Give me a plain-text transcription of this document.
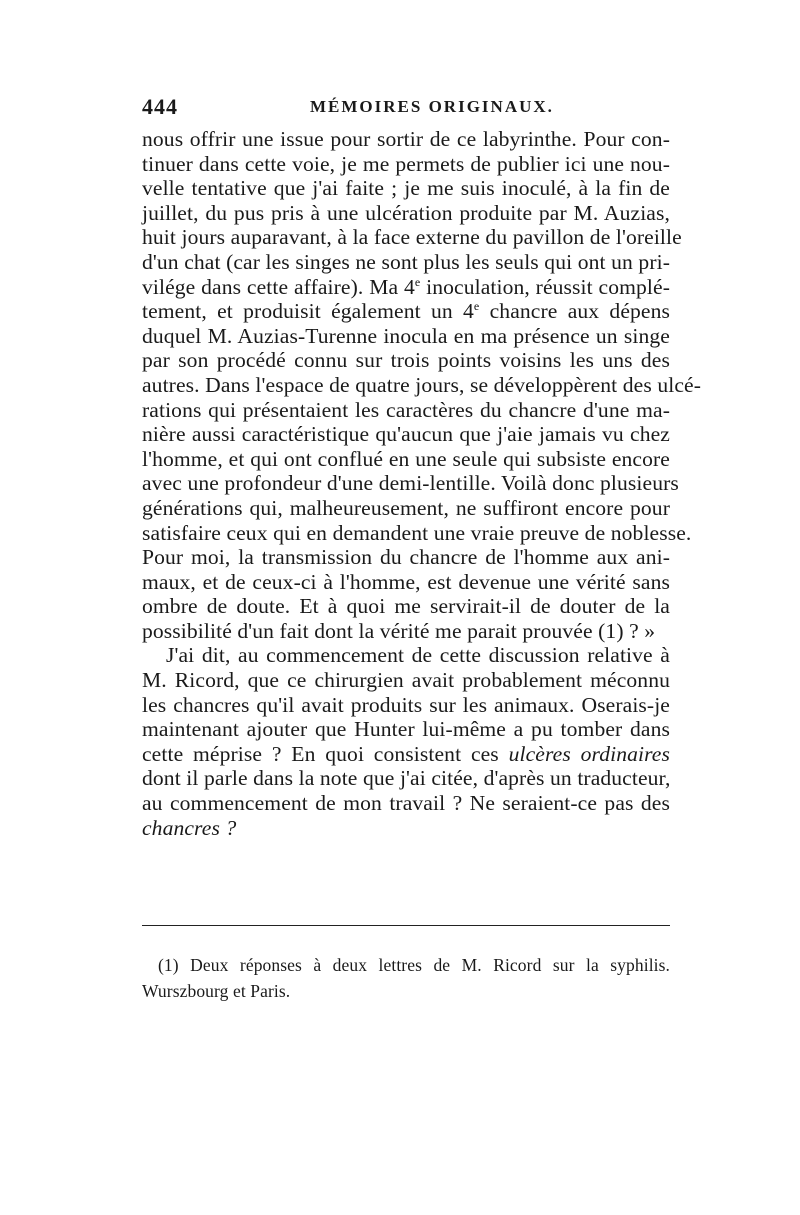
444	MÉMOIRES ORIGINAUX.
nous offrir une issue pour sortir de ce labyrinthe. Pour con-
tinuer dans cette voie, je me permets de publier ici une nou-
velle tentative que j'ai faite ; je me suis inoculé, à la fin de
juillet, du pus pris à une ulcération produite par M. Auzias,
huit jours auparavant, à la face externe du pavillon de l'oreille
d'un chat (car les singes ne sont plus les seuls qui ont un pri-
vilége dans cette affaire). Ma 4e inoculation, réussit complé-
tement, et produisit également un 4e chancre aux dépens
duquel M. Auzias-Turenne inocula en ma présence un singe
par son procédé connu sur trois points voisins les uns des
autres. Dans l'espace de quatre jours, se développèrent des ulcé-
rations qui présentaient les caractères du chancre d'une ma-
nière aussi caractéristique qu'aucun que j'aie jamais vu chez
l'homme, et qui ont conflué en une seule qui subsiste encore
avec une profondeur d'une demi-lentille. Voilà donc plusieurs
générations qui, malheureusement, ne suffiront encore pour
satisfaire ceux qui en demandent une vraie preuve de noblesse.
Pour moi, la transmission du chancre de l'homme aux ani-
maux, et de ceux-ci à l'homme, est devenue une vérité sans
ombre de doute. Et à quoi me servirait-il de douter de la
possibilité d'un fait dont la vérité me parait prouvée (1) ? »
J'ai dit, au commencement de cette discussion relative à
M. Ricord, que ce chirurgien avait probablement méconnu
les chancres qu'il avait produits sur les animaux. Oserais-je
maintenant ajouter que Hunter lui-même a pu tomber dans
cette méprise ? En quoi consistent ces ulcères ordinaires
dont il parle dans la note que j'ai citée, d'après un traducteur,
au commencement de mon travail ? Ne seraient-ce pas des
chancres ?
(1) Deux réponses à deux lettres de M. Ricord sur la syphilis.
Wurszbourg et Paris.
